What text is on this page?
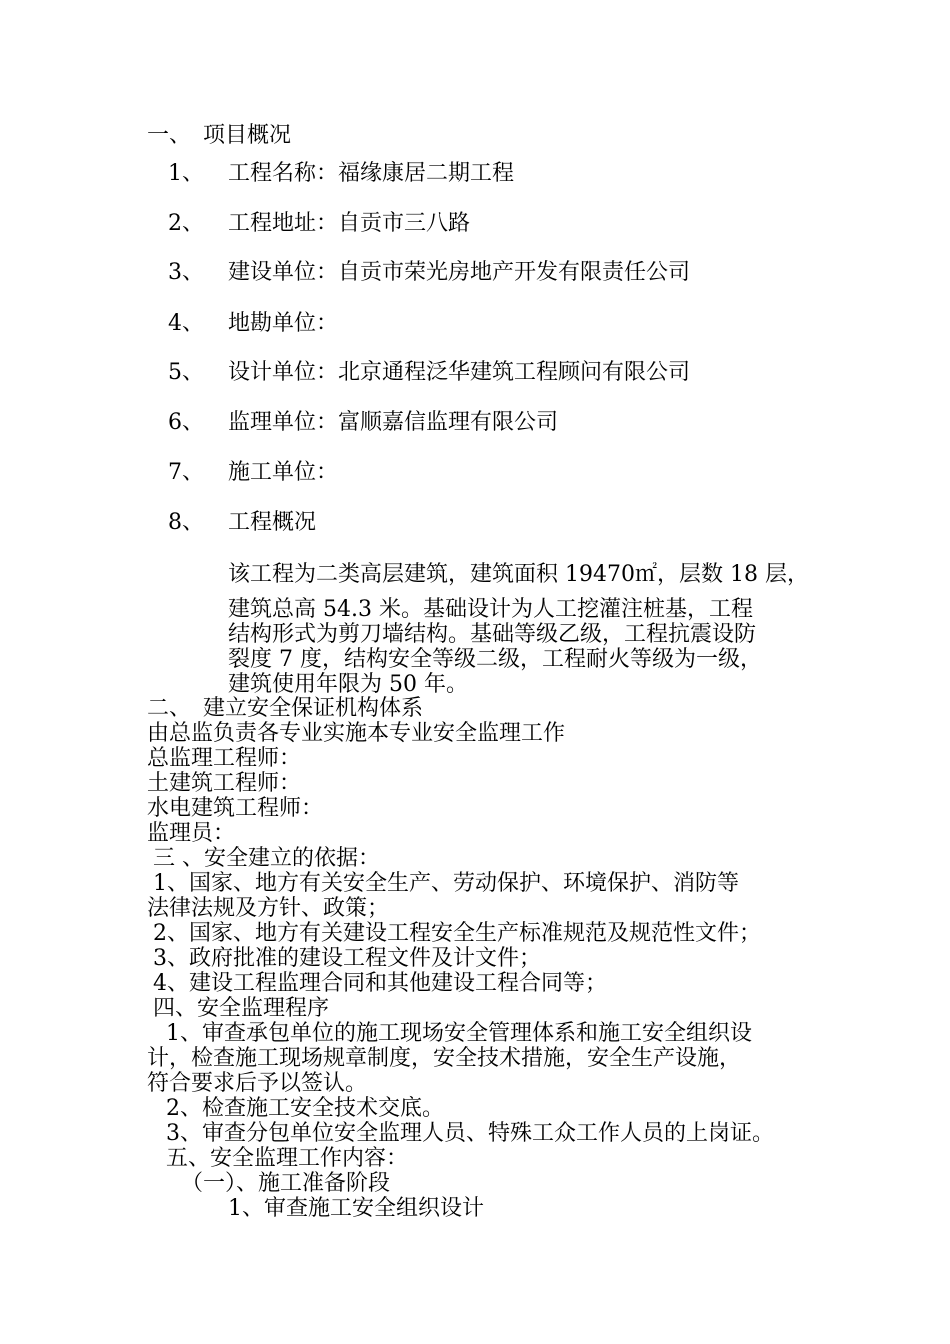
一、 项目概况
1、 工程名称：福缘康居二期工程
2、 工程地址：自贡市三八路
3、 建设单位：自贡市荣光房地产开发有限责任公司
4、 地勘单位：
5、 设计单位：北京通程泛华建筑工程顾问有限公司
6、 监理单位：富顺嘉信监理有限公司
7、 施工单位：
8、 工程概况
该工程为二类高层建筑，建筑面积 19470㎡，层数 18 层，
建筑总高 54.3 米。基础设计为人工挖灌注桩基，工程
结构形式为剪刀墙结构。基础等级乙级，工程抗震设防
裂度 7 度，结构安全等级二级，工程耐火等级为一级，
建筑使用年限为 50 年。
二、 建立安全保证机构体系
由总监负责各专业实施本专业安全监理工作
总监理工程师：
土建筑工程师：
水电建筑工程师：
监理员：
三 、安全建立的依据：
1、国家、地方有关安全生产、劳动保护、环境保护、消防等
法律法规及方针、政策；
2、国家、地方有关建设工程安全生产标准规范及规范性文件；
3、政府批准的建设工程文件及计文件；
4、建设工程监理合同和其他建设工程合同等；
四、安全监理程序
1、审查承包单位的施工现场安全管理体系和施工安全组织设
计，检查施工现场规章制度，安全技术措施，安全生产设施，
符合要求后予以签认。
2、检查施工安全技术交底。
3、审查分包单位安全监理人员、特殊工众工作人员的上岗证。
五、安全监理工作内容：
（一）、施工准备阶段
1、审查施工安全组织设计
